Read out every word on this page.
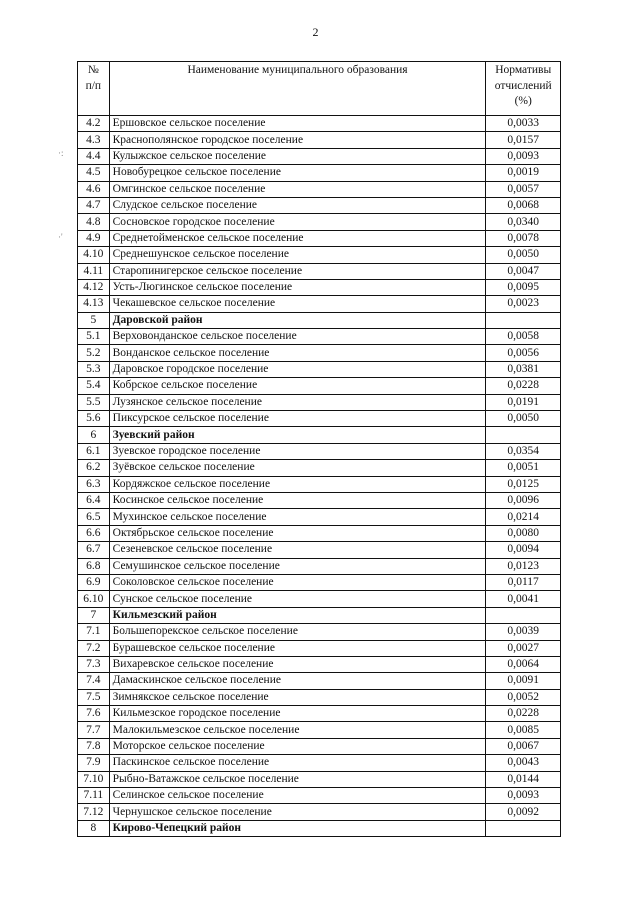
2
·:
·'
№
п/п	Наименование муниципального образования	Нормативы
отчислений
(%)

4.2	Ершовское сельское поселение	0,0033
4.3	Краснополянское городское поселение	0,0157
4.4	Кулыжское сельское поселение	0,0093
4.5	Новобурецкое сельское поселение	0,0019
4.6	Омгинское сельское поселение	0,0057
4.7	Слудское сельское поселение	0,0068
4.8	Сосновское городское поселение	0,0340
4.9	Среднетойменское сельское поселение	0,0078
4.10	Среднешунское сельское поселение	0,0050
4.11	Старопинигерское сельское поселение	0,0047
4.12	Усть-Люгинское сельское поселение	0,0095
4.13	Чекашевское сельское поселение	0,0023
5	Даровской район	
5.1	Верховонданское сельское поселение	0,0058
5.2	Вонданское сельское поселение	0,0056
5.3	Даровское городское поселение	0,0381
5.4	Кобрское сельское поселение	0,0228
5.5	Лузянское сельское поселение	0,0191
5.6	Пиксурское сельское поселение	0,0050
6	Зуевский район	
6.1	Зуевское городское поселение	0,0354
6.2	Зуёвское сельское поселение	0,0051
6.3	Кордяжское сельское поселение	0,0125
6.4	Косинское сельское поселение	0,0096
6.5	Мухинское сельское поселение	0,0214
6.6	Октябрьское сельское поселение	0,0080
6.7	Сезеневское сельское поселение	0,0094
6.8	Семушинское сельское поселение	0,0123
6.9	Соколовское сельское поселение	0,0117
6.10	Сунское сельское поселение	0,0041
7	Кильмезский район	
7.1	Большепорекское сельское поселение	0,0039
7.2	Бурашевское сельское поселение	0,0027
7.3	Вихаревское сельское поселение	0,0064
7.4	Дамаскинское сельское поселение	0,0091
7.5	Зимнякское сельское поселение	0,0052
7.6	Кильмезское городское поселение	0,0228
7.7	Малокильмезское сельское поселение	0,0085
7.8	Моторское сельское поселение	0,0067
7.9	Паскинское сельское поселение	0,0043
7.10	Рыбно-Ватажское сельское поселение	0,0144
7.11	Селинское сельское поселение	0,0093
7.12	Чернушское сельское поселение	0,0092
8	Кирово-Чепецкий район	
